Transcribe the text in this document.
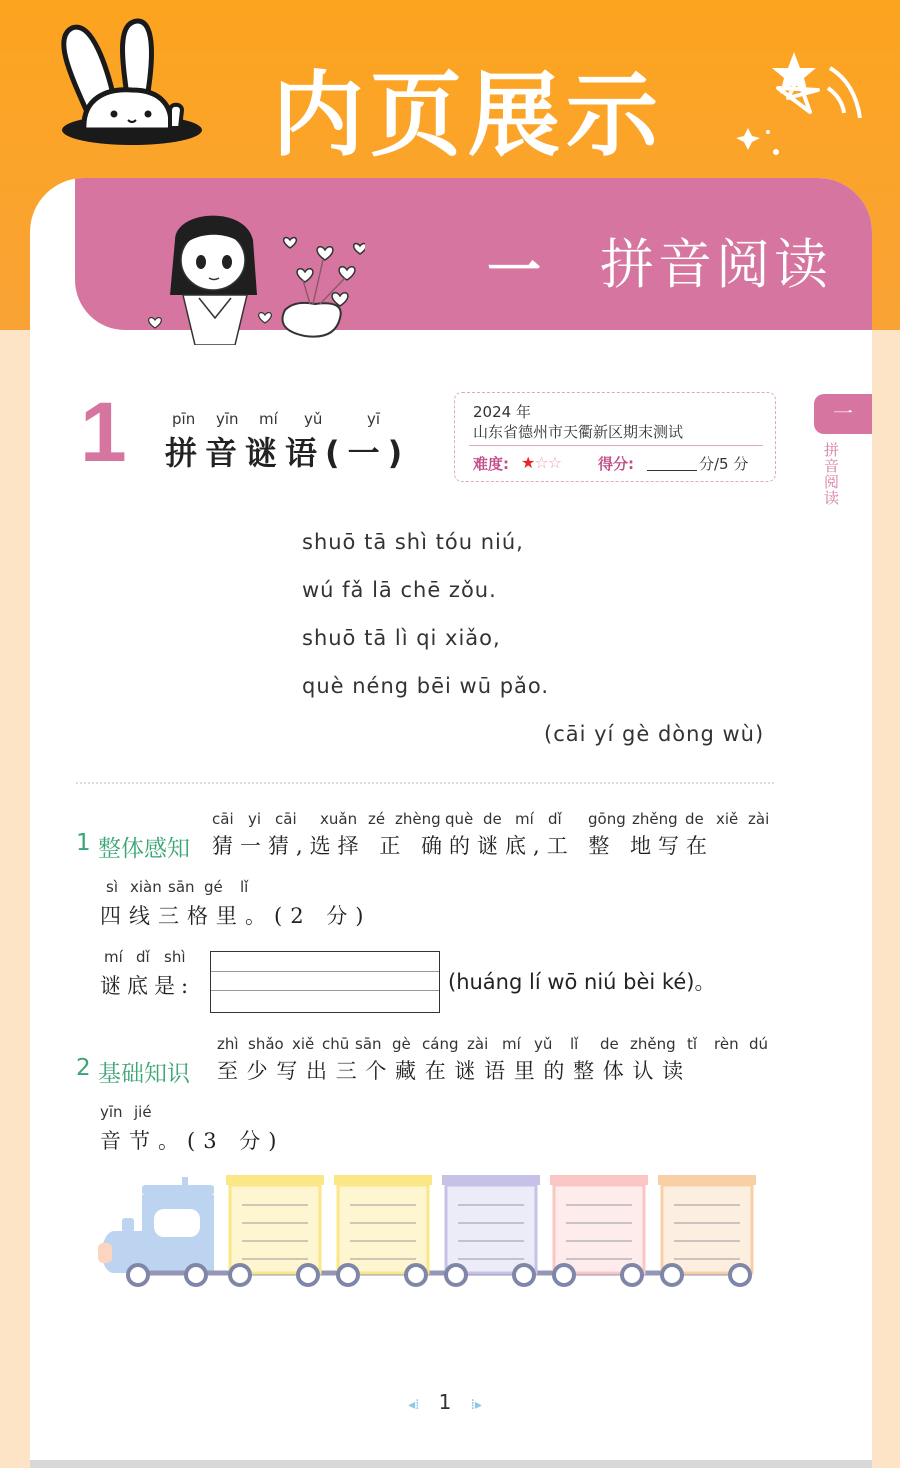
内页展示
一 拼音阅读
1	pīn yīn mí yǔ	yī
拼音谜语(一)
2024 年
山东省德州市天衢新区期末测试
难度: ★☆☆ 得分:	分/5 分
一
拼音阅读
shuō tā shì tóu niú,
wú fǎ lā chē zǒu.
shuō tā lì qi xiǎo,
què néng bēi wū pǎo.
(cāi yí gè dòng wù)
cāi yi cāi xuǎn zé zhèng què de mí dǐ gōng zhěng de xiě zài
1 整体感知 猜一猜,选择 正 确的谜底,工 整 地写在
sì xiàn sān gé lǐ
四线三格里。(2 分)
mí dǐ shì
谜底是:	(huáng lí wō niú bèi ké)。
zhì shǎo xiě chū sān gè cáng zài mí yǔ lǐ de zhěng tǐ rèn dú
2 基础知识 至 少 写 出 三 个 藏 在 谜 语 里 的 整 体 认 读
yīn jié
音节。(3 分)
◂⁞ 1 ⁞▸
